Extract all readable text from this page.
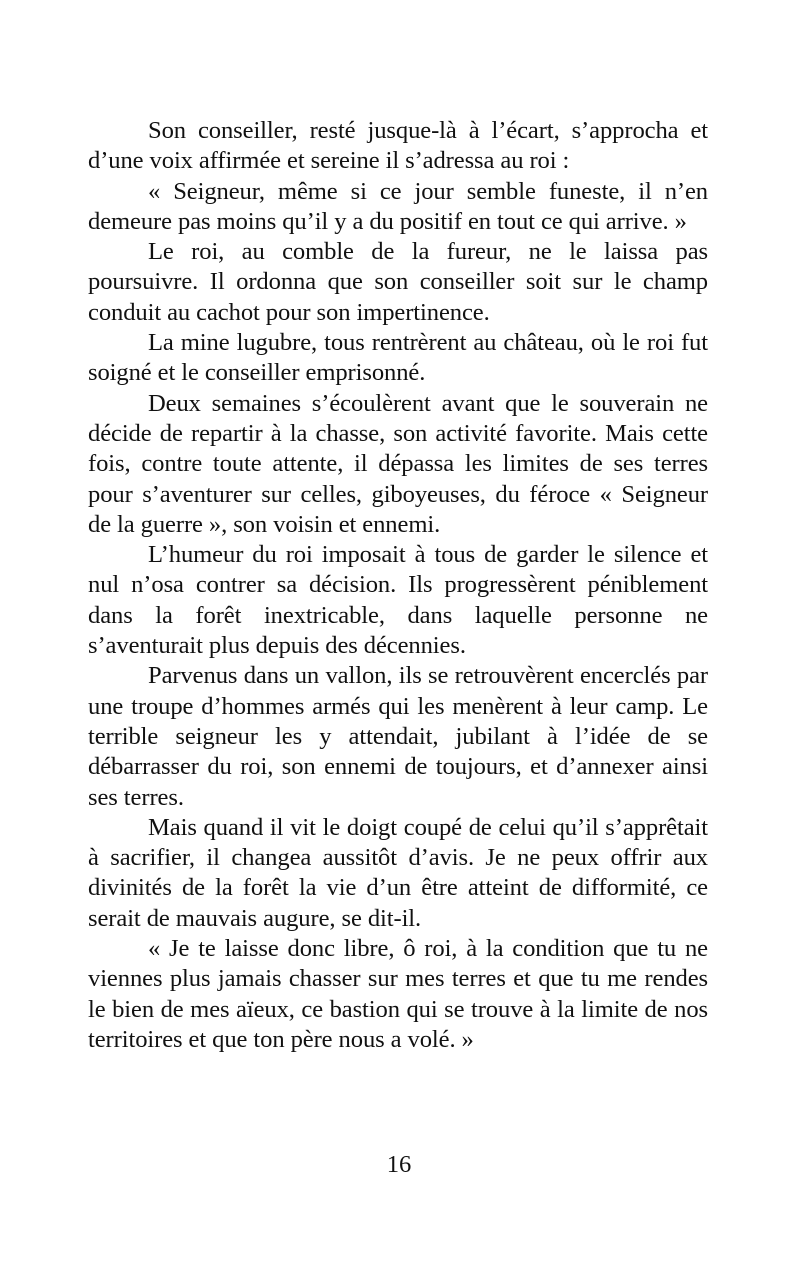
Son conseiller, resté jusque-là à l’écart, s’approcha et d’une voix affirmée et sereine il s’adressa au roi :

« Seigneur, même si ce jour semble funeste, il n’en demeure pas moins qu’il y a du positif en tout ce qui arrive. »

Le roi, au comble de la fureur, ne le laissa pas poursuivre. Il ordonna que son conseiller soit sur le champ conduit au cachot pour son impertinence.

La mine lugubre, tous rentrèrent au château, où le roi fut soigné et le conseiller emprisonné.

Deux semaines s’écoulèrent avant que le souverain ne décide de repartir à la chasse, son activité favorite. Mais cette fois, contre toute attente, il dépassa les limites de ses terres pour s’aventurer sur celles, giboyeuses, du féroce « Seigneur de la guerre », son voisin et ennemi.

L’humeur du roi imposait à tous de garder le silence et nul n’osa contrer sa décision. Ils progressèrent péniblement dans la forêt inextricable, dans laquelle personne ne s’aventurait plus depuis des décennies.

Parvenus dans un vallon, ils se retrouvèrent encerclés par une troupe d’hommes armés qui les menèrent à leur camp. Le terrible seigneur les y attendait, jubilant à l’idée de se débarrasser du roi, son ennemi de toujours, et d’annexer ainsi ses terres.

Mais quand il vit le doigt coupé de celui qu’il s’apprêtait à sacrifier, il changea aussitôt d’avis. Je ne peux offrir aux divinités de la forêt la vie d’un être atteint de difformité, ce serait de mauvais augure, se dit-il.

« Je te laisse donc libre, ô roi, à la condition que tu ne viennes plus jamais chasser sur mes terres et que tu me rendes le bien de mes aïeux, ce bastion qui se trouve à la limite de nos territoires et que ton père nous a volé. »

16
